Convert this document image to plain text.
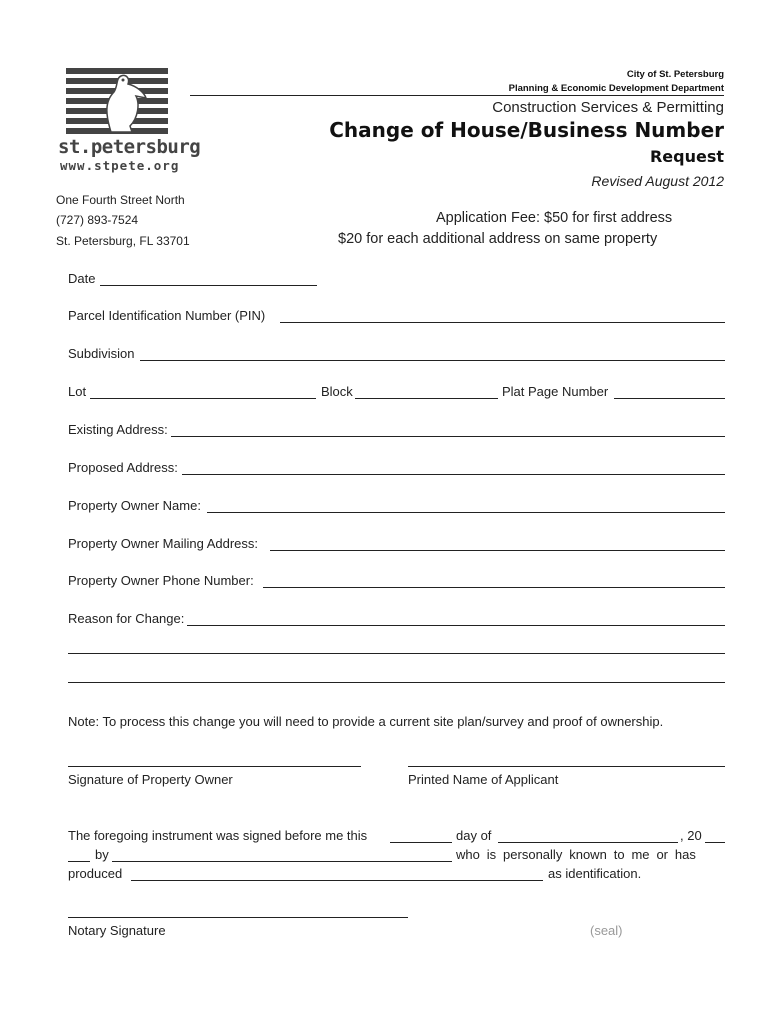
st.petersburg
www.stpete.org
City of St. Petersburg
Planning & Economic Development Department
Construction Services & Permitting
Change of House/Business Number
Request
Revised August 2012
One Fourth Street North
(727) 893-7524
St. Petersburg, FL 33701
Application Fee: $50 for first address
$20 for each additional address on same property
Date
Parcel Identification Number (PIN)
Subdivision
Lot	Block	Plat Page Number
Existing Address:
Proposed Address:
Property Owner Name:
Property Owner Mailing Address:
Property Owner Phone Number:
Reason for Change:
Note: To process this change you will need to provide a current site plan/survey and proof of ownership.
Signature of Property Owner	Printed Name of Applicant
The foregoing instrument was signed before me this	day of	, 20
by	who is personally known to me or has
produced	as identification.
Notary Signature	(seal)
